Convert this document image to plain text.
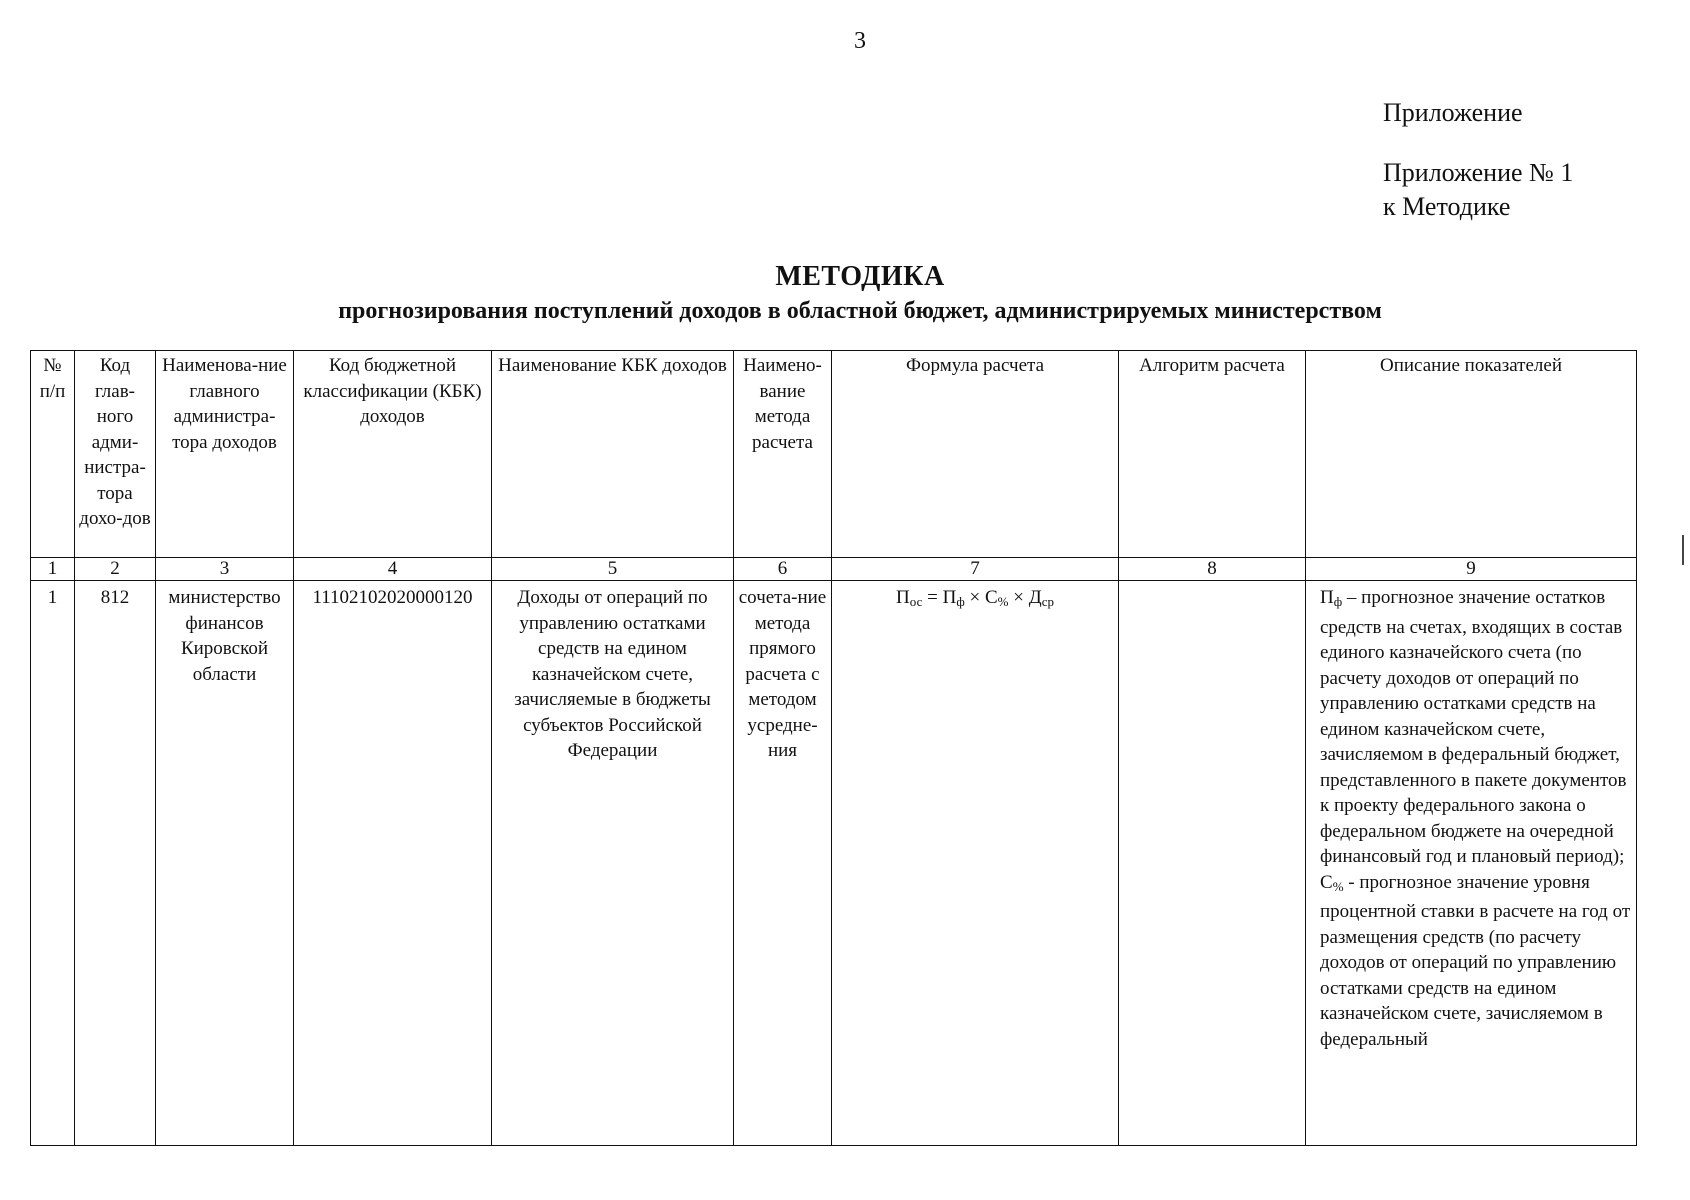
3
Приложение
Приложение № 1
к Методике
МЕТОДИКА
прогнозирования поступлений доходов в областной бюджет, администрируемых министерством
№ п/п	Код глав-ного адми-нистра-тора дохо-дов	Наименова-ние главного администра-тора доходов	Код бюджетной классификации (КБК) доходов	Наименование КБК доходов	Наимено-вание метода расчета	Формула расчета	Алгоритм расчета	Описание показателей
1	2	3	4	5	6	7	8	9
1	812	министерство финансов Кировской области	11102102020000120	Доходы от операций по управлению остатками средств на едином казначейском счете, зачисляемые в бюджеты субъектов Российской Федерации	сочета-ние метода прямого расчета с методом усредне-ния	$П_{ос} = П_ф \times С_{\%} \times Д_{ср}$		$П_ф$ – прогнозное значение остатков средств на счетах, входящих в состав единого казначейского счета (по расчету доходов от операций по управлению остатками средств на едином казначейском счете, зачисляемом в федеральный бюджет, представленного в пакете документов к проекту федерального закона о федеральном бюджете на очередной финансовый год и плановый период);
$С_{\%}$ - прогнозное значение уровня процентной ставки в расчете на год от размещения средств (по расчету доходов от операций по управлению остатками средств на едином казначейском счете, зачисляемом в федеральный
